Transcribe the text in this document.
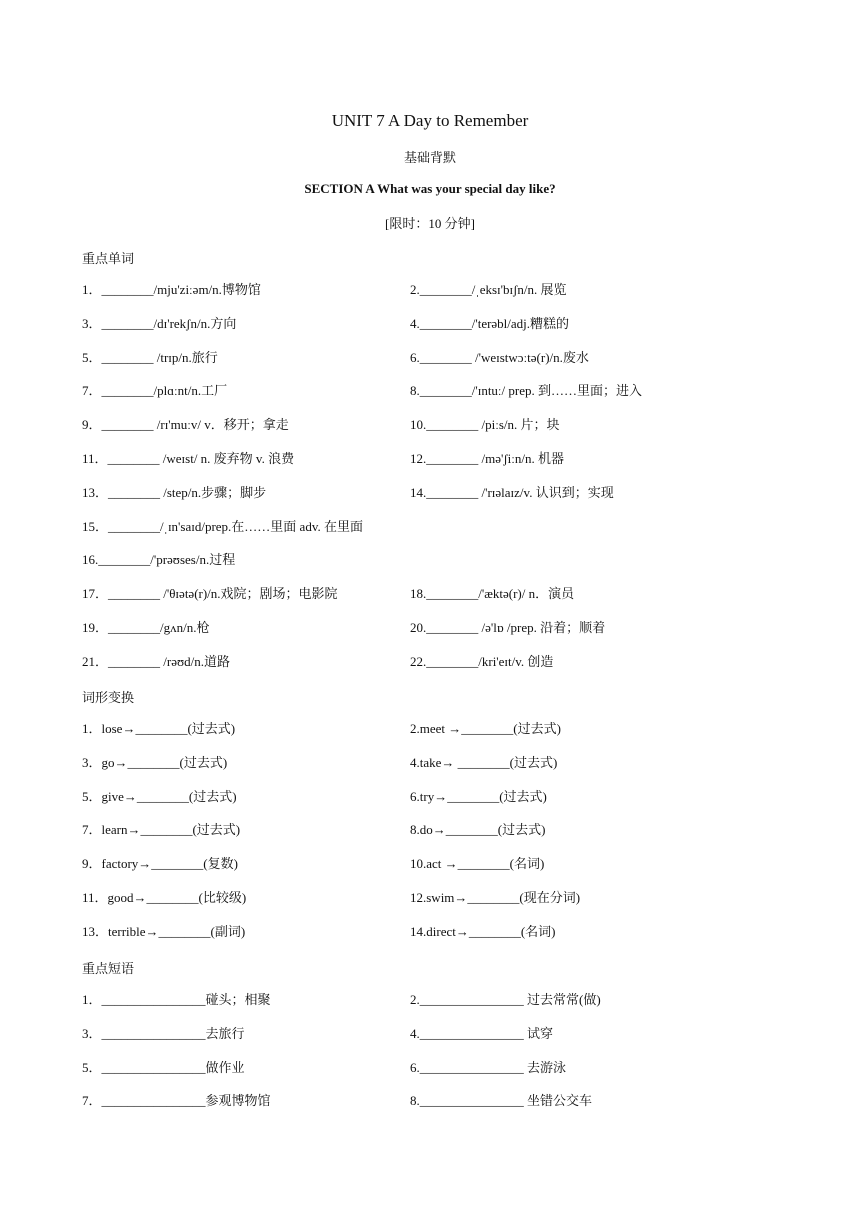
UNIT 7 A Day to Remember
基础背默
SECTION A What was your special day like?
[限时：10 分钟]
重点单词
1．________/mju'ziːəm/n.博物馆	2.________/ˌeksɪ'bɪʃn/n. 展览
3．________/dɪ'rekʃn/n.方向	4.________/'terəbl/adj.糟糕的
5．________ /trɪp/n.旅行	6.________ /'weɪstwɔːtə(r)/n.废水
7．________/plɑːnt/n.工厂	8.________/'ɪntuː/ prep. 到……里面；进入
9．________ /rɪ'muːv/ v．移开；拿走	10.________ /piːs/n. 片；块
11．________ /weɪst/ n. 废弃物 v. 浪费	12.________ /mə'ʃiːn/n. 机器
13．________ /step/n.步骤；脚步	14.________ /'rɪəlaɪz/v. 认识到；实现
15．________/ˌɪn'saɪd/prep.在……里面 adv. 在里面
16.________/'prəʊses/n.过程
17．________ /'θɪətə(r)/n.戏院；剧场；电影院	18.________/'æktə(r)/ n．演员
19．________/gʌn/n.枪	20.________ /ə'lɒ /prep. 沿着；顺着
21．________ /rəʊd/n.道路	22.________/kri'eɪt/v. 创造
词形变换
1．lose→________(过去式)	2.meet →________(过去式)
3．go→________(过去式)	4.take→ ________(过去式)
5．give→________(过去式)	6.try→________(过去式)
7．learn→________(过去式)	8.do→________(过去式)
9．factory→________(复数)	10.act →________(名词)
11．good→________(比较级)	12.swim→________(现在分词)
13．terrible→________(副词)	14.direct→________(名词)
重点短语
1．________________碰头；相聚	2.________________ 过去常常(做)
3．________________去旅行	4.________________ 试穿
5．________________做作业	6.________________ 去游泳
7．________________参观博物馆	8.________________ 坐错公交车
